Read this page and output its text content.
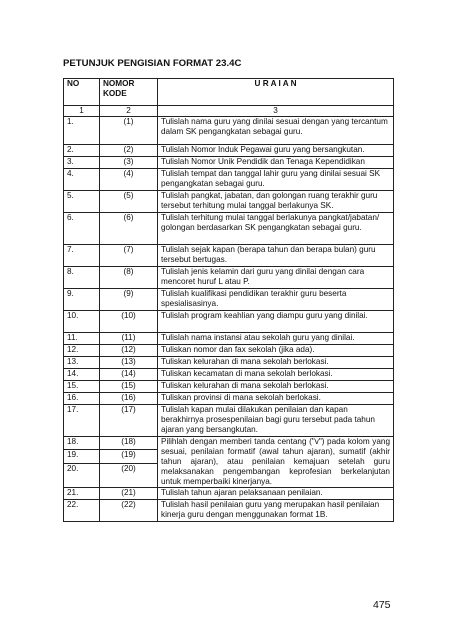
PETUNJUK PENGISIAN FORMAT 23.4C
NO	NOMOR KODE	U R A I A N
1	2	3
1.	(1)	Tulislah nama guru yang dinilai sesuai dengan yang tercantum dalam SK pengangkatan sebagai guru.
2.	(2)	Tulislah Nomor Induk Pegawai guru yang bersangkutan.
3.	(3)	Tulislah Nomor Unik Pendidik dan Tenaga Kependidikan
4.	(4)	Tulislah tempat dan tanggal lahir guru yang dinilai sesuai SK pengangkatan sebagai guru.
5.	(5)	Tulislah pangkat, jabatan, dan golongan ruang terakhir guru tersebut terhitung mulai tanggal berlakunya SK.
6.	(6)	Tulislah terhitung mulai tanggal berlakunya pangkat/jabatan/ golongan berdasarkan SK pengangkatan sebagai guru.
7.	(7)	Tulislah sejak kapan (berapa tahun dan berapa bulan) guru tersebut bertugas.
8.	(8)	Tulislah jenis kelamin dari guru yang dinilai dengan cara mencoret huruf L atau P.
9.	(9)	Tulislah kualifikasi pendidikan terakhir guru beserta spesialisasinya.
10.	(10)	Tulislah program keahlian yang diampu guru yang dinilai.
11.	(11)	Tulislah nama instansi atau sekolah guru yang dinilai.
12.	(12)	Tuliskan nomor dan fax sekolah (jika ada).
13.	(13)	Tuliskan kelurahan di mana sekolah berlokasi.
14.	(14)	Tuliskan kecamatan di mana sekolah berlokasi.
15.	(15)	Tuliskan kelurahan di mana sekolah berlokasi.
16.	(16)	Tuliskan provinsi di mana sekolah berlokasi.
17.	(17)	Tulislah kapan mulai dilakukan penilaian dan kapan berakhirnya prosespenilaian bagi guru tersebut pada tahun ajaran yang bersangkutan.
18.	(18)	Pilihlah dengan memberi tanda centang ("v") pada kolom yang sesuai, penilaian formatif (awal tahun ajaran), sumatif (akhir tahun ajaran), atau penilaian kemajuan setelah guru melaksanakan pengembangan keprofesian berkelanjutan untuk memperbaiki kinerjanya.
19.	(19)	
20.	(20)	
21.	(21)	Tulislah tahun ajaran pelaksanaan penilaian.
22.	(22)	Tulislah hasil penilaian guru yang merupakan hasil penilaian kinerja guru dengan menggunakan format 1B.
475
